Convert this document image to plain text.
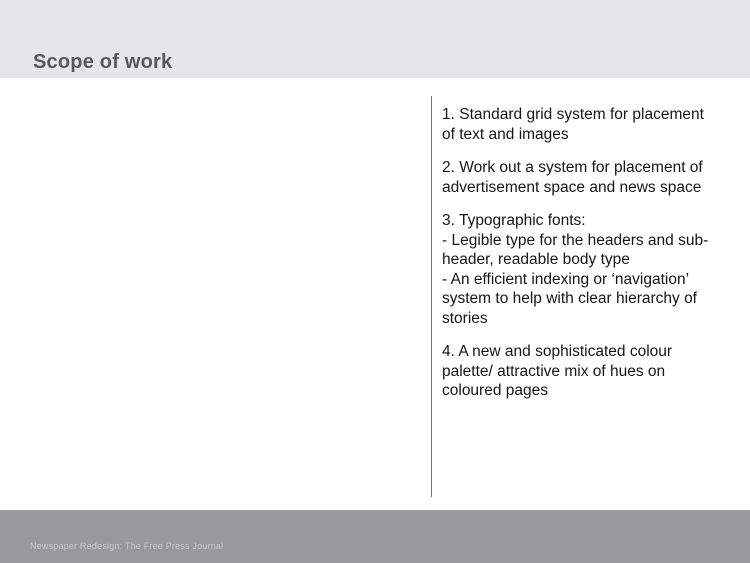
Scope of work
1. Standard grid system for placement
of text and images
2. Work out a system for placement of
advertisement space and news space
3. Typographic fonts:
- Legible type for the headers and sub-
header, readable body type
- An efficient indexing or ‘navigation’
system to help with clear hierarchy of
stories
4. A new and sophisticated colour
palette/ attractive mix of hues on
coloured pages
Newspaper Redesign: The Free Press Journal
